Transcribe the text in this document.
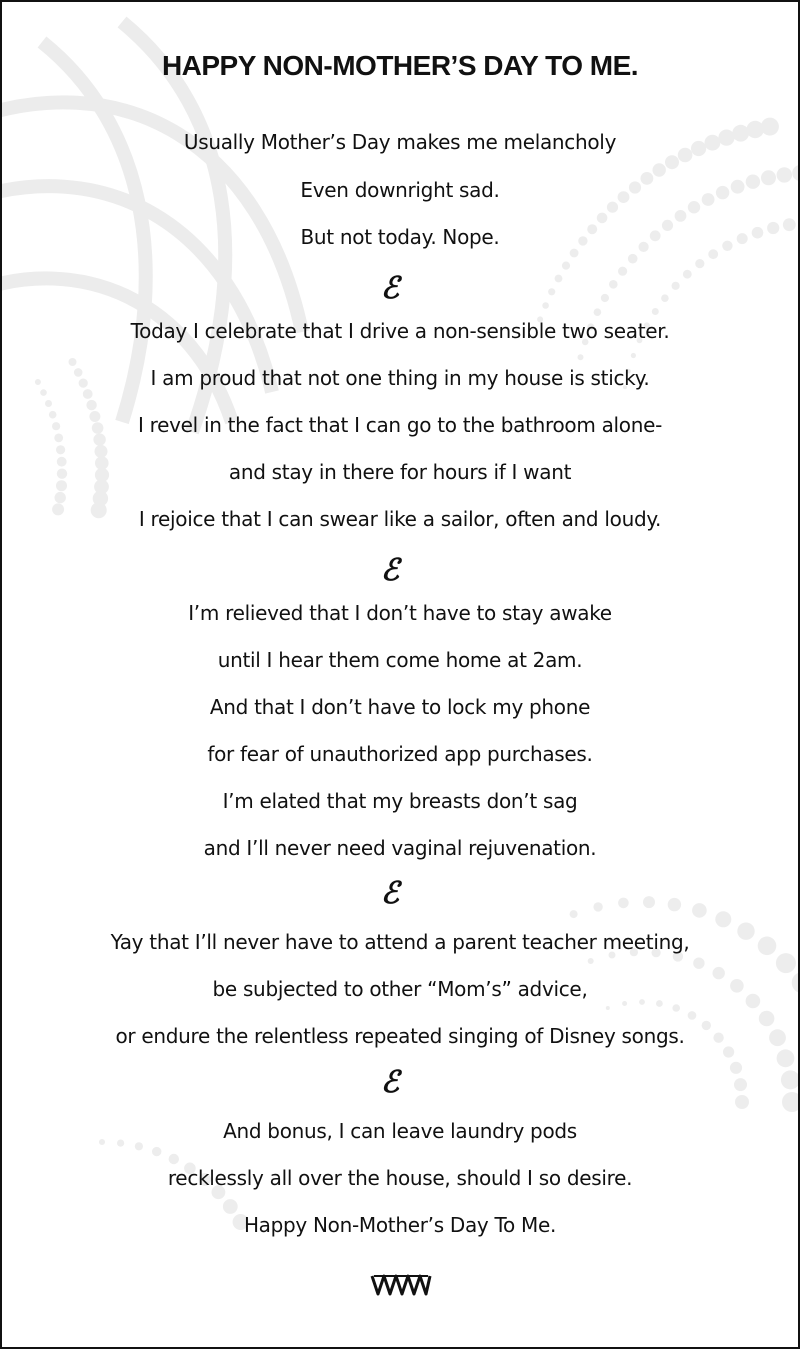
HAPPY NON-MOTHER’S DAY TO ME.
Usually Mother’s Day makes me melancholy
Even downright sad.
But not today. Nope.
ℰ
Today I celebrate that I drive a non-sensible two seater.
I am proud that not one thing in my house is sticky.
I revel in the fact that I can go to the bathroom alone-
and stay in there for hours if I want
I rejoice that I can swear like a sailor, often and loudy.
ℰ
I’m relieved that I don’t have to stay awake
until I hear them come home at 2am.
And that I don’t have to lock my phone
for fear of unauthorized app purchases.
I’m elated that my breasts don’t sag
and I’ll never need vaginal rejuvenation.
ℰ
Yay that I’ll never have to attend a parent teacher meeting,
be subjected to other “Mom’s” advice,
or endure the relentless repeated singing of Disney songs.
ℰ
And bonus, I can leave laundry pods
recklessly all over the house, should I so desire.
Happy Non-Mother’s Day To Me.
